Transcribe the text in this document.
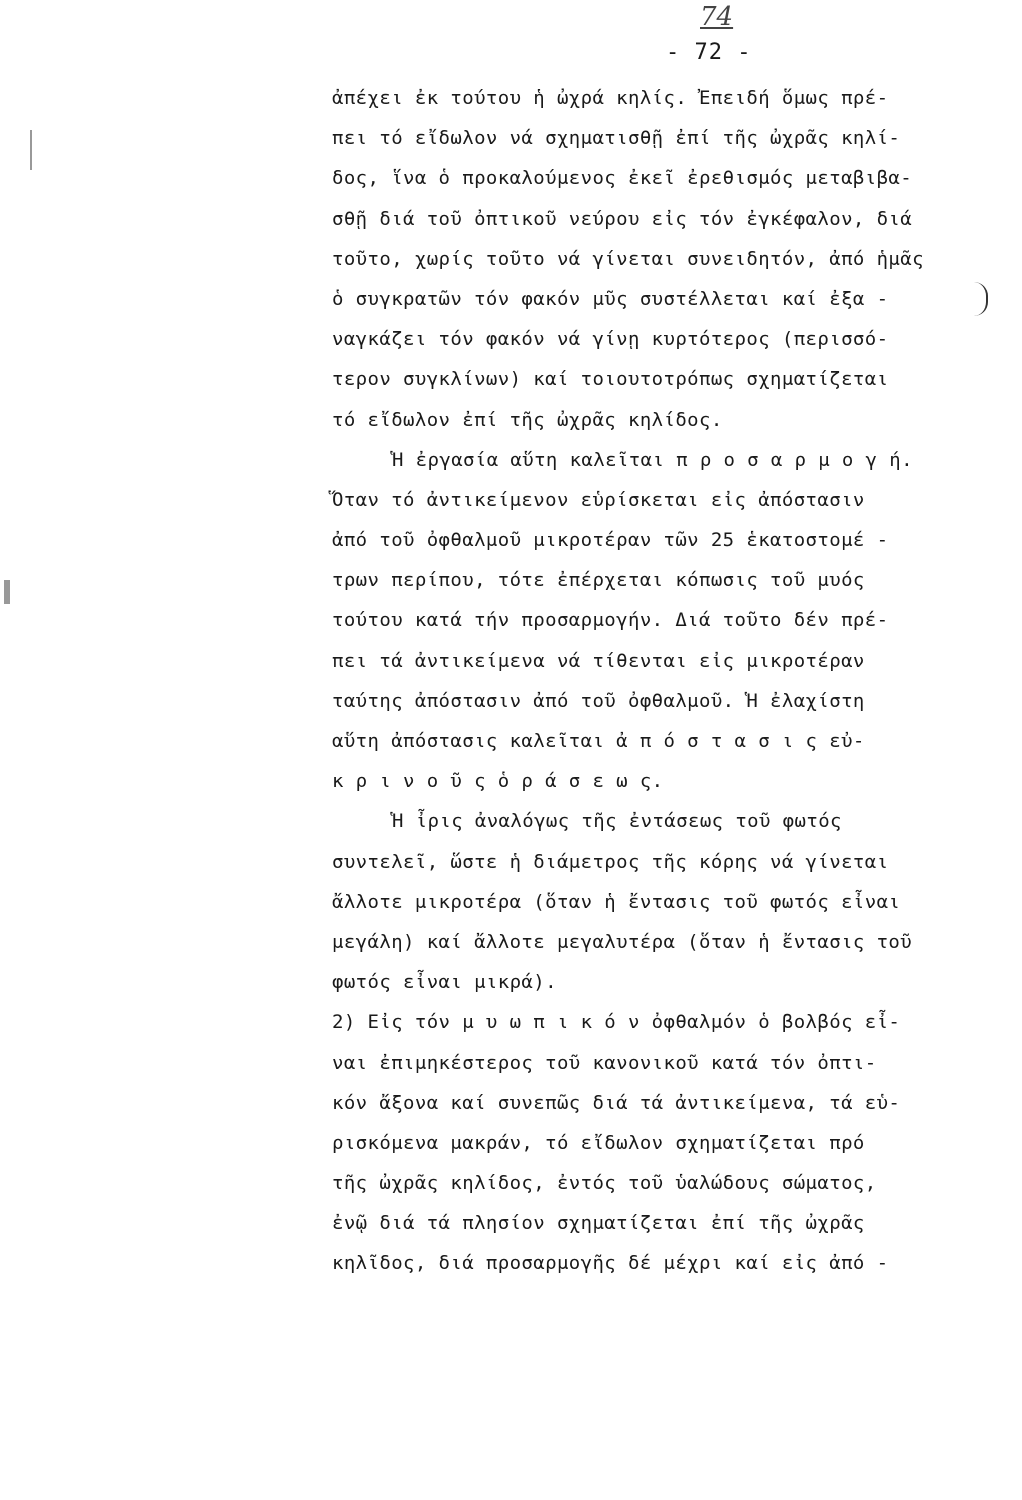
74
- 72 -
ἀπέχει ἐκ τούτου ἡ ὠχρά κηλίς. Ἐπειδή ὅμως πρέ-
πει τό εἴδωλον νά σχηματισθῇ ἐπί τῆς ὠχρᾶς κηλί-
δος, ἵνα ὁ προκαλούμενος ἐκεῖ ἐρεθισμός μεταβιβα-
σθῇ διά τοῦ ὀπτικοῦ νεύρου εἰς τόν ἐγκέφαλον, διά
τοῦτο, χωρίς τοῦτο νά γίνεται συνειδητόν, ἀπό ἡμᾶς
ὁ συγκρατῶν τόν φακόν μῦς συστέλλεται καί ἐξα -
ναγκάζει τόν φακόν νά γίνῃ κυρτότερος (περισσό-
τερον συγκλίνων) καί τοιουτοτρόπως σχηματίζεται
τό εἴδωλον ἐπί τῆς ὠχρᾶς κηλίδος.
Ἡ ἐργασία αὕτη καλεῖται π ρ ο σ α ρ μ ο γ ή.
Ὅταν τό ἀντικείμενον εὑρίσκεται εἰς ἀπόστασιν
ἀπό τοῦ ὀφθαλμοῦ μικροτέραν τῶν 25 ἑκατοστομέ -
τρων περίπου, τότε ἐπέρχεται κόπωσις τοῦ μυός
τούτου κατά τήν προσαρμογήν. Διά τοῦτο δέν πρέ-
πει τά ἀντικείμενα νά τίθενται εἰς μικροτέραν
ταύτης ἀπόστασιν ἀπό τοῦ ὀφθαλμοῦ. Ἡ ἐλαχίστη
αὕτη ἀπόστασις καλεῖται ἀ π ό σ τ α σ ι ς εὐ-
κ ρ ι ν ο ῦ ς ὁ ρ ά σ ε ω ς.
Ἡ ἶρις ἀναλόγως τῆς ἐντάσεως τοῦ φωτός
συντελεῖ, ὥστε ἡ διάμετρος τῆς κόρης νά γίνεται
ἄλλοτε μικροτέρα (ὅταν ἡ ἔντασις τοῦ φωτός εἶναι
μεγάλη) καί ἄλλοτε μεγαλυτέρα (ὅταν ἡ ἔντασις τοῦ
φωτός εἶναι μικρά).
2) Εἰς τόν μ υ ω π ι κ ό ν ὀφθαλμόν ὁ βολβός εἶ-
ναι ἐπιμηκέστερος τοῦ κανονικοῦ κατά τόν ὀπτι-
κόν ἄξονα καί συνεπῶς διά τά ἀντικείμενα, τά εὑ-
ρισκόμενα μακράν, τό εἴδωλον σχηματίζεται πρό
τῆς ὠχρᾶς κηλίδος, ἐντός τοῦ ὑαλώδους σώματος,
ἐνῷ διά τά πλησίον σχηματίζεται ἐπί τῆς ὠχρᾶς
κηλῖδος, διά προσαρμογῆς δέ μέχρι καί εἰς ἀπό -
